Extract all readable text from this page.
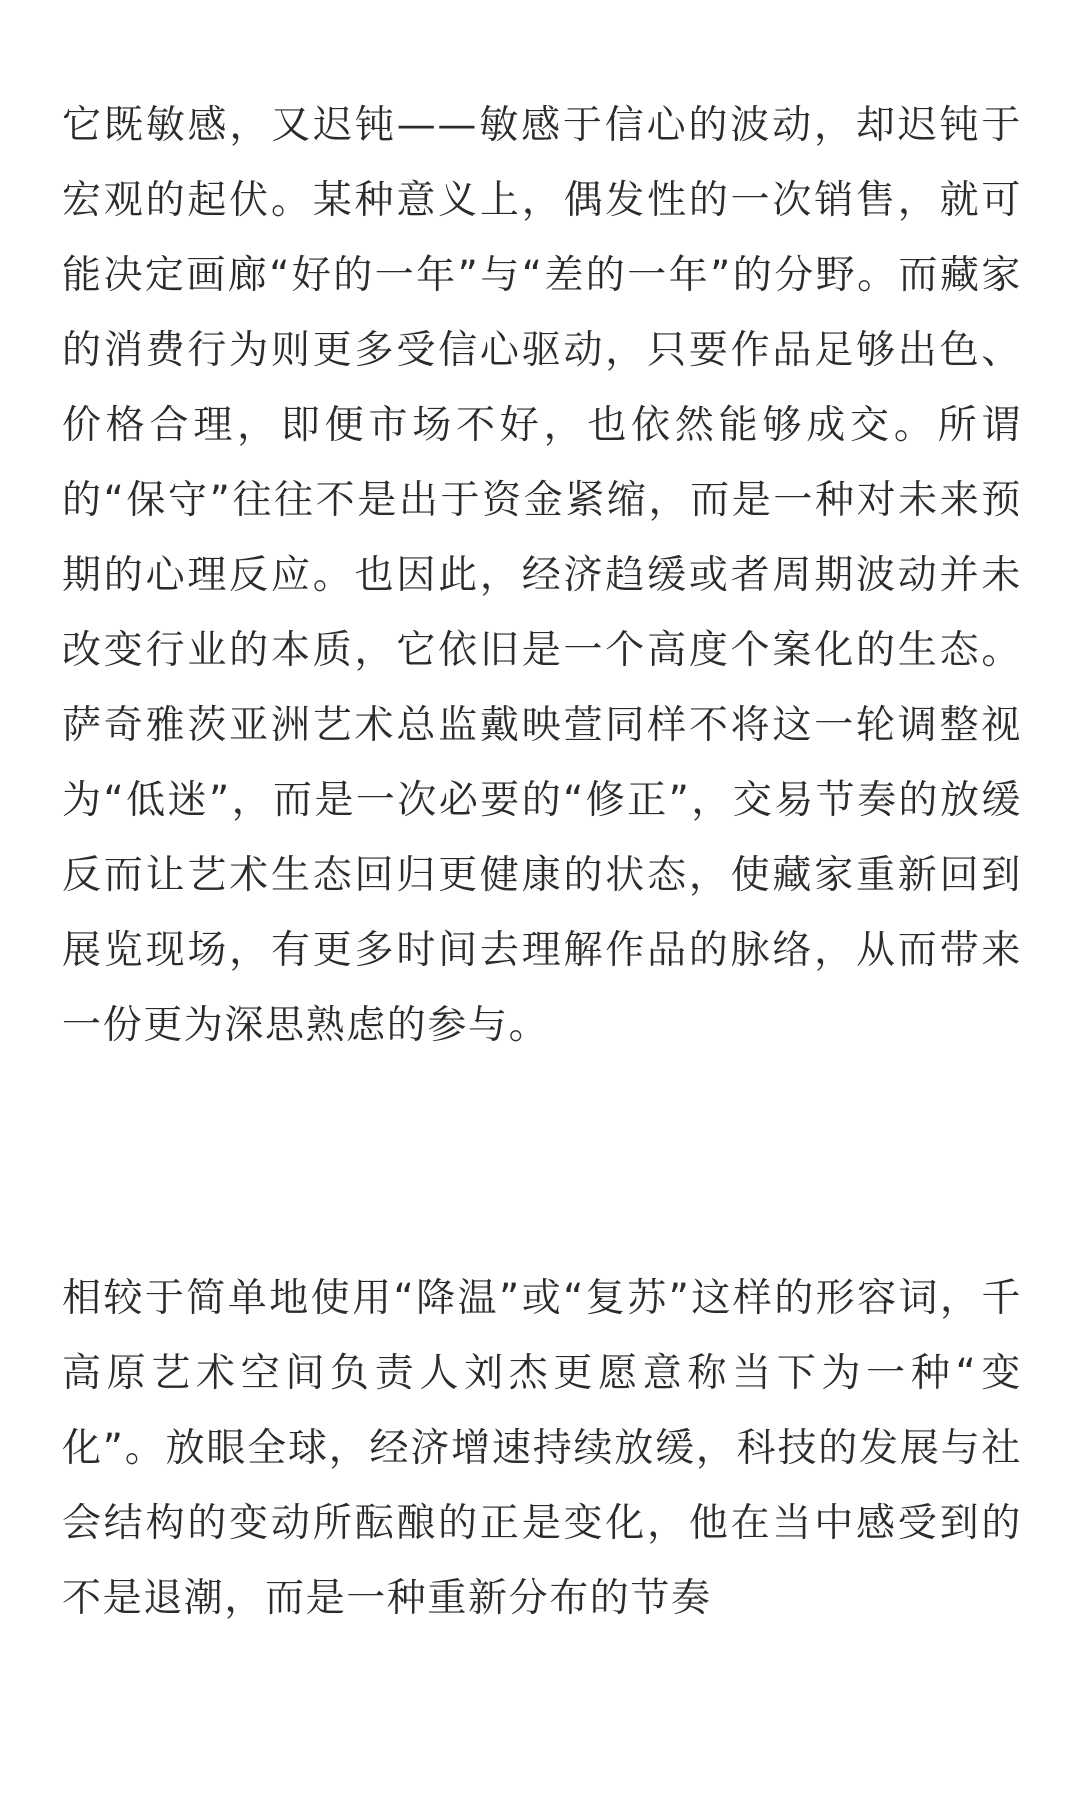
它既敏感，又迟钝——敏感于信心的波动，却迟钝于宏观的起伏。某种意义上，偶发性的一次销售，就可能决定画廊“好的一年”与“差的一年”的分野。而藏家的消费行为则更多受信心驱动，只要作品足够出色、价格合理，即便市场不好，也依然能够成交。所谓的“保守”往往不是出于资金紧缩，而是一种对未来预期的心理反应。也因此，经济趋缓或者周期波动并未改变行业的本质，它依旧是一个高度个案化的生态。萨奇雅茨亚洲艺术总监戴映萱同样不将这一轮调整视为“低迷”，而是一次必要的“修正”，交易节奏的放缓反而让艺术生态回归更健康的状态，使藏家重新回到展览现场，有更多时间去理解作品的脉络，从而带来一份更为深思熟虑的参与。

相较于简单地使用“降温”或“复苏”这样的形容词，千高原艺术空间负责人刘杰更愿意称当下为一种“变化”。放眼全球，经济增速持续放缓，科技的发展与社会结构的变动所酝酿的正是变化，他在当中感受到的不是退潮，而是一种重新分布的节奏
